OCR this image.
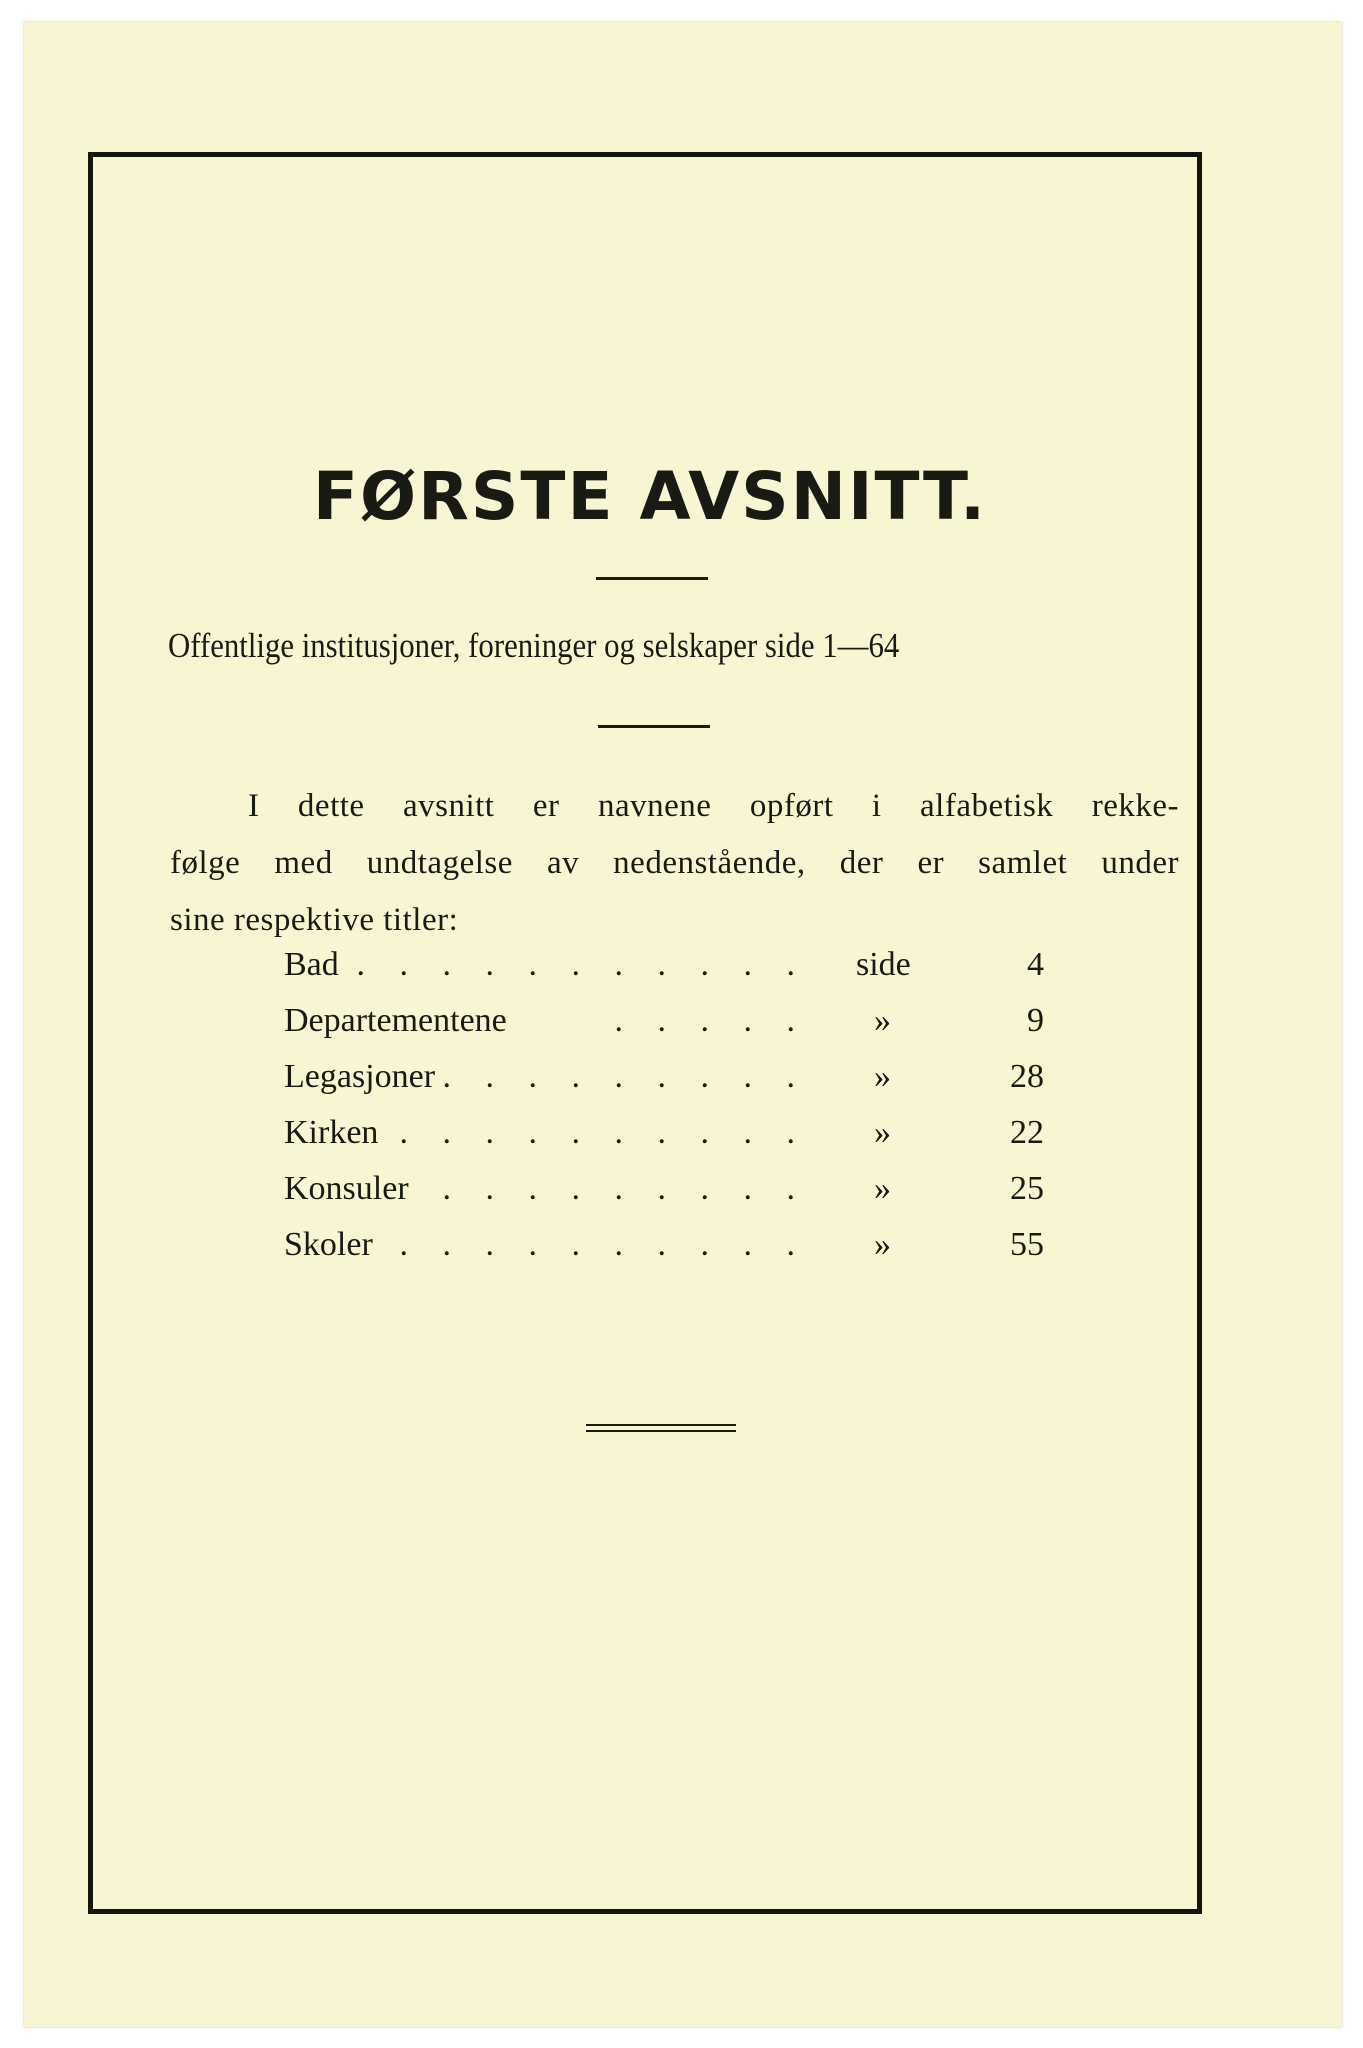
FØRSTE AVSNITT.
Offentlige institusjoner, foreninger og selskaper side 1—64
I dette avsnitt er navnene opført i alfabetisk rekke-
følge med undtagelse av nedenstående, der er samlet under
sine respektive titler:
Bad . . . . . . . . . . . side	4
Departementene	. . . . . »	9
Legasjoner . . . . . . . . . »	28
Kirken . . . . . . . . . . »	22
Konsuler . . . . . . . . . »	25
Skoler . . . . . . . . . . »	55
